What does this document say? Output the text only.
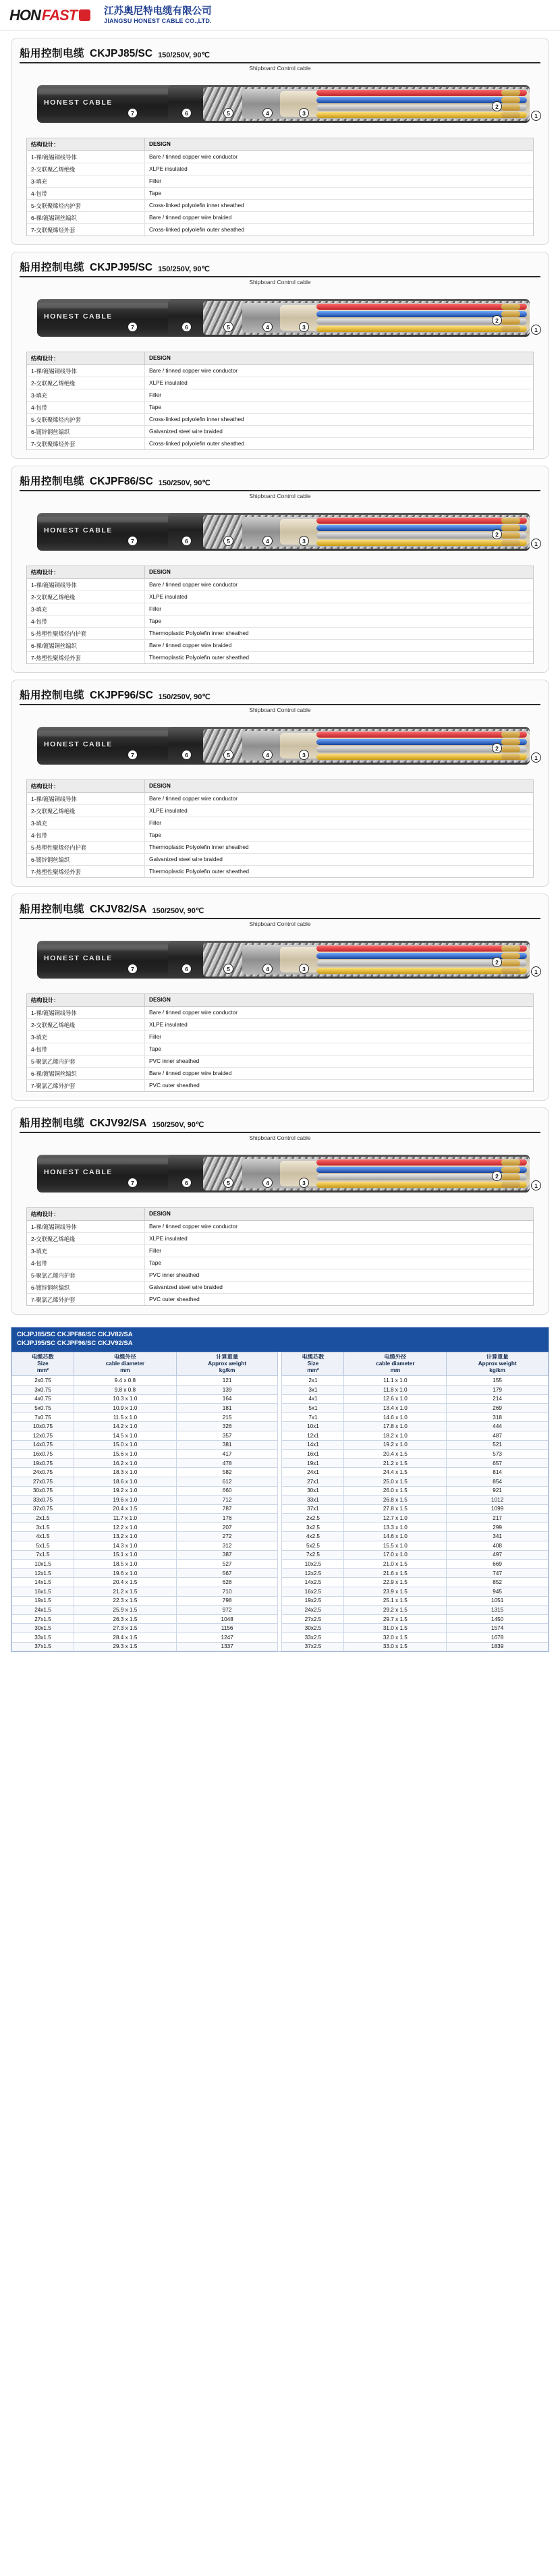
HON FAST	江苏奥尼特电缆有限公司
JIANGSU HONEST CABLE CO.,LTD.
船用控制电缆 CKJPJ85/SC 150/250V, 90℃
Shipboard Control cable
HONEST CABLE
7	6	5	4	3
2
1
结构设计：	DESIGN
1-裸/镀锡铜线导体	Bare / tinned copper wire conductor
2-交联聚乙烯绝缘	XLPE insulated
3-填充	Filler
4-包带	Tape
5-交联聚烯烃内护套	Cross-linked polyolefin inner sheathed
6-裸/镀锡铜丝编织	Bare / tinned copper wire braided
7-交联聚烯烃外套	Cross-linked polyolefin outer sheathed
船用控制电缆 CKJPJ95/SC 150/250V, 90℃
Shipboard Control cable
HONEST CABLE
7	6	5	4	3
2
1
结构设计：	DESIGN
1-裸/镀锡铜线导体	Bare / tinned copper wire conductor
2-交联聚乙烯绝缘	XLPE insulated
3-填充	Filler
4-包带	Tape
5-交联聚烯烃内护套	Cross-linked polyolefin inner sheathed
6-镀锌钢丝编织	Galvanized steel wire braided
7-交联聚烯烃外套	Cross-linked polyolefin outer sheathed
船用控制电缆 CKJPF86/SC 150/250V, 90℃
Shipboard Control cable
HONEST CABLE
7	6	5	4	3
2
1
结构设计：	DESIGN
1-裸/镀锡铜线导体	Bare / tinned copper wire conductor
2-交联聚乙烯绝缘	XLPE insulated
3-填充	Filler
4-包带	Tape
5-热塑性聚烯烃内护套	Thermoplastic Polyolefin inner sheathed
6-裸/镀锡铜丝编织	Bare / tinned copper wire braided
7-热塑性聚烯烃外套	Thermoplastic Polyolefin outer sheathed
船用控制电缆 CKJPF96/SC 150/250V, 90℃
Shipboard Control cable
HONEST CABLE
7	6	5	4	3
2
1
结构设计：	DESIGN
1-裸/镀锡铜线导体	Bare / tinned copper wire conductor
2-交联聚乙烯绝缘	XLPE insulated
3-填充	Filler
4-包带	Tape
5-热塑性聚烯烃内护套	Thermoplastic Polyolefin inner sheathed
6-镀锌钢丝编织	Galvanized steel wire braided
7-热塑性聚烯烃外套	Thermoplastic Polyolefin outer sheathed
船用控制电缆 CKJV82/SA 150/250V, 90℃
Shipboard Control cable
HONEST CABLE
7	6	5	4	3
2
1
结构设计：	DESIGN
1-裸/镀锡铜线导体	Bare / tinned copper wire conductor
2-交联聚乙烯绝缘	XLPE insulated
3-填充	Filler
4-包带	Tape
5-聚氯乙烯内护套	PVC inner sheathed
6-裸/镀锡铜丝编织	Bare / tinned copper wire braided
7-聚氯乙烯外护套	PVC outer sheathed
船用控制电缆 CKJV92/SA 150/250V, 90℃
Shipboard Control cable
HONEST CABLE
7	6	5	4	3
2
1
结构设计：	DESIGN
1-裸/镀锡铜线导体	Bare / tinned copper wire conductor
2-交联聚乙烯绝缘	XLPE insulated
3-填充	Filler
4-包带	Tape
5-聚氯乙烯内护套	PVC inner sheathed
6-镀锌钢丝编织	Galvanized steel wire braided
7-聚氯乙烯外护套	PVC outer sheathed
CKJPJ85/SC CKJPF86/SC CKJV82/SA
CKJPJ95/SC CKJPF96/SC CKJV92/SA
电缆芯数
Size
mm²	电缆外径
cable diameter
mm	计算重量
Approx weight
kg/km		电缆芯数
Size
mm²	电缆外径
cable diameter
mm	计算重量
Approx weight
kg/km
2x0.75	9.4 x 0.8	121		2x1	11.1 x 1.0	155
3x0.75	9.8 x 0.8	139		3x1	11.8 x 1.0	179
4x0.75	10.3 x 1.0	164		4x1	12.6 x 1.0	214
5x0.75	10.9 x 1.0	181		5x1	13.4 x 1.0	269
7x0.75	11.5 x 1.0	215		7x1	14.6 x 1.0	318
10x0.75	14.2 x 1.0	326		10x1	17.8 x 1.0	444
12x0.75	14.5 x 1.0	357		12x1	18.2 x 1.0	487
14x0.75	15.0 x 1.0	381		14x1	19.2 x 1.0	521
16x0.75	15.6 x 1.0	417		16x1	20.4 x 1.5	573
19x0.75	16.2 x 1.0	478		19x1	21.2 x 1.5	657
24x0.75	18.3 x 1.0	582		24x1	24.4 x 1.5	814
27x0.75	18.6 x 1.0	612		27x1	25.0 x 1.5	854
30x0.75	19.2 x 1.0	660		30x1	26.0 x 1.5	921
33x0.75	19.6 x 1.0	712		33x1	26.8 x 1.5	1012
37x0.75	20.4 x 1.5	787		37x1	27.8 x 1.5	1099
2x1.5	11.7 x 1.0	176		2x2.5	12.7 x 1.0	217
3x1.5	12.2 x 1.0	207		3x2.5	13.3 x 1.0	299
4x1.5	13.2 x 1.0	272		4x2.5	14.6 x 1.0	341
5x1.5	14.3 x 1.0	312		5x2.5	15.5 x 1.0	408
7x1.5	15.1 x 1.0	387		7x2.5	17.0 x 1.0	497
10x1.5	18.5 x 1.0	527		10x2.5	21.0 x 1.5	669
12x1.5	19.6 x 1.0	567		12x2.5	21.6 x 1.5	747
14x1.5	20.4 x 1.5	628		14x2.5	22.9 x 1.5	852
16x1.5	21.2 x 1.5	710		16x2.5	23.9 x 1.5	945
19x1.5	22.3 x 1.5	798		19x2.5	25.1 x 1.5	1051
24x1.5	25.9 x 1.5	972		24x2.5	29.2 x 1.5	1315
27x1.5	26.3 x 1.5	1048		27x2.5	29.7 x 1.5	1450
30x1.5	27.3 x 1.5	1156		30x2.5	31.0 x 1.5	1574
33x1.5	28.4 x 1.5	1247		33x2.5	32.0 x 1.5	1678
37x1.5	29.3 x 1.5	1337		37x2.5	33.0 x 1.5	1839
